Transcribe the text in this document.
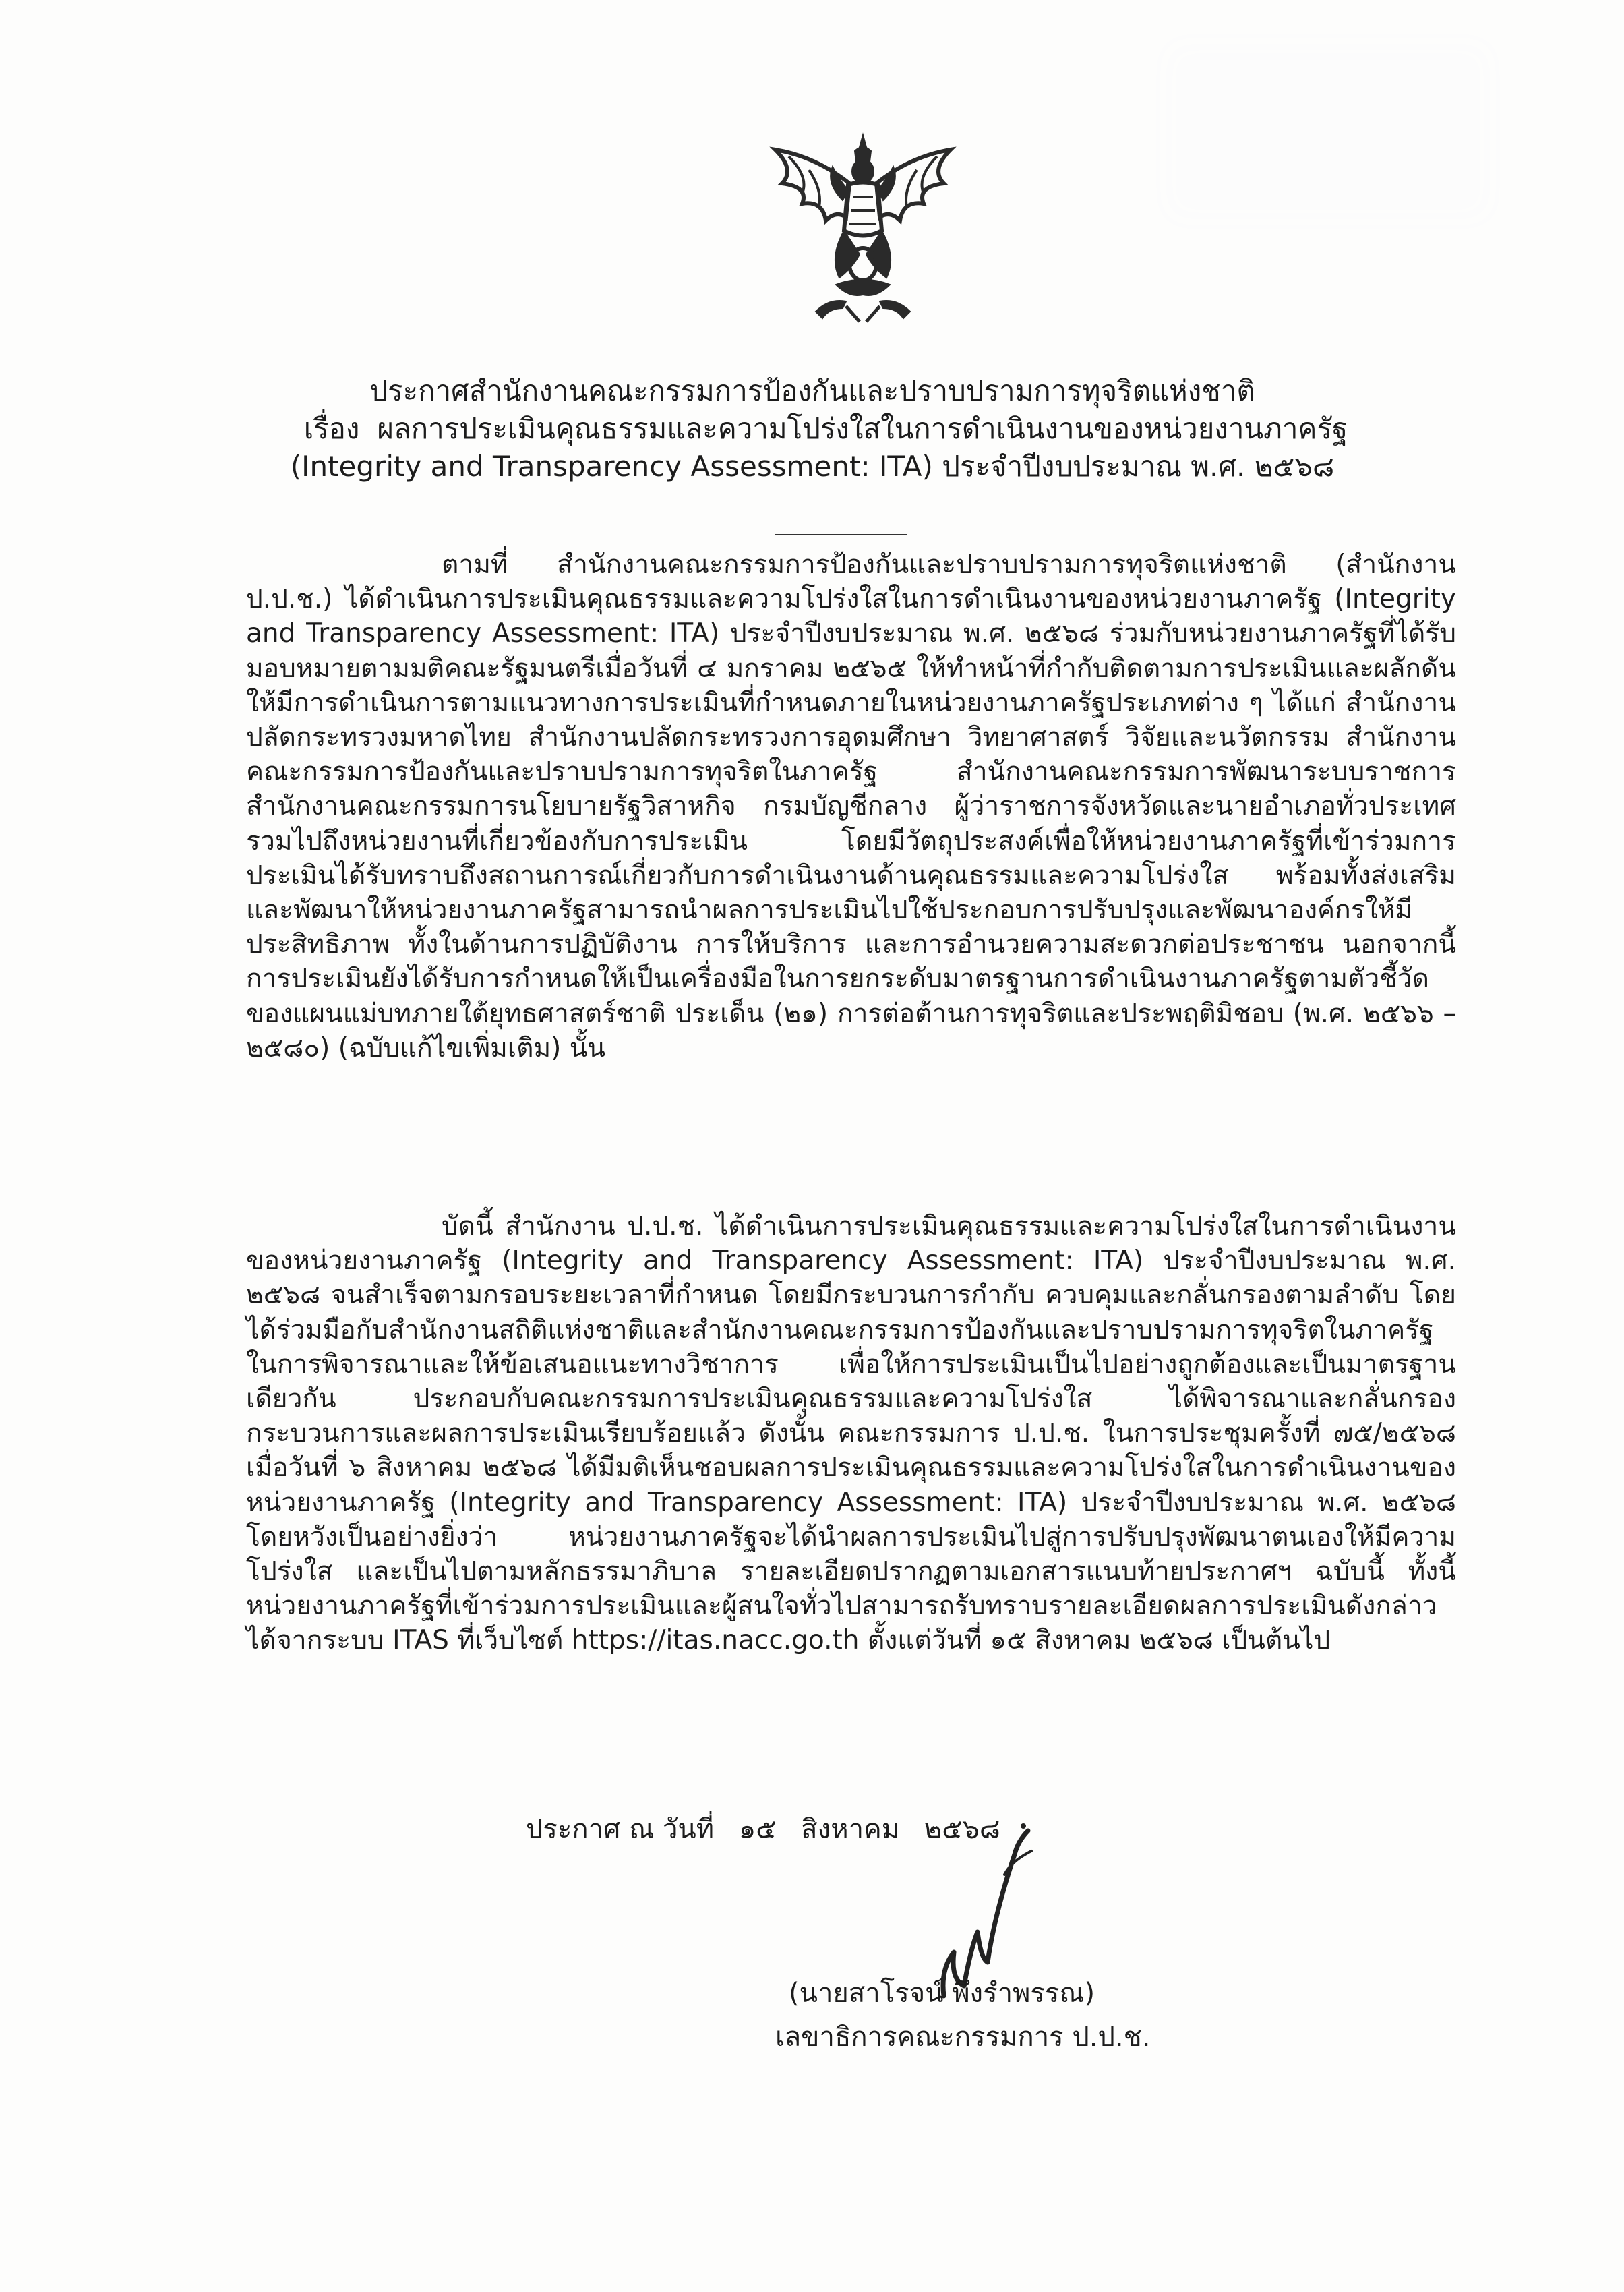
ประกาศสำนักงานคณะกรรมการป้องกันและปราบปรามการทุจริตแห่งชาติ
เรื่อง ผลการประเมินคุณธรรมและความโปร่งใสในการดำเนินงานของหน่วยงานภาครัฐ
(Integrity and Transparency Assessment: ITA) ประจำปีงบประมาณ พ.ศ. ๒๕๖๘

ตามที่ สำนักงานคณะกรรมการป้องกันและปราบปรามการทุจริตแห่งชาติ (สำนักงาน ป.ป.ช.) ได้ดำเนินการประเมินคุณธรรมและความโปร่งใสในการดำเนินงานของหน่วยงานภาครัฐ (Integrity and Transparency Assessment: ITA) ประจำปีงบประมาณ พ.ศ. ๒๕๖๘ ร่วมกับหน่วยงานภาครัฐที่ได้รับมอบหมายตามมติคณะรัฐมนตรีเมื่อวันที่ ๔ มกราคม ๒๕๖๕ ให้ทำหน้าที่กำกับติดตามการประเมินและผลักดันให้มีการดำเนินการตามแนวทางการประเมินที่กำหนดภายในหน่วยงานภาครัฐประเภทต่าง ๆ ได้แก่ สำนักงานปลัดกระทรวงมหาดไทย สำนักงานปลัดกระทรวงการอุดมศึกษา วิทยาศาสตร์ วิจัยและนวัตกรรม สำนักงานคณะกรรมการป้องกันและปราบปรามการทุจริตในภาครัฐ สำนักงานคณะกรรมการพัฒนาระบบราชการ สำนักงานคณะกรรมการนโยบายรัฐวิสาหกิจ กรมบัญชีกลาง ผู้ว่าราชการจังหวัดและนายอำเภอทั่วประเทศ รวมไปถึงหน่วยงานที่เกี่ยวข้องกับการประเมิน โดยมีวัตถุประสงค์เพื่อให้หน่วยงานภาครัฐที่เข้าร่วมการประเมินได้รับทราบถึงสถานการณ์เกี่ยวกับการดำเนินงานด้านคุณธรรมและความโปร่งใส พร้อมทั้งส่งเสริมและพัฒนาให้หน่วยงานภาครัฐสามารถนำผลการประเมินไปใช้ประกอบการปรับปรุงและพัฒนาองค์กรให้มีประสิทธิภาพ ทั้งในด้านการปฏิบัติงาน การให้บริการ และการอำนวยความสะดวกต่อประชาชน นอกจากนี้การประเมินยังได้รับการกำหนดให้เป็นเครื่องมือในการยกระดับมาตรฐานการดำเนินงานภาครัฐตามตัวชี้วัดของแผนแม่บทภายใต้ยุทธศาสตร์ชาติ ประเด็น (๒๑) การต่อต้านการทุจริตและประพฤติมิชอบ (พ.ศ. ๒๕๖๖ – ๒๕๘๐) (ฉบับแก้ไขเพิ่มเติม) นั้น

บัดนี้ สำนักงาน ป.ป.ช. ได้ดำเนินการประเมินคุณธรรมและความโปร่งใสในการดำเนินงานของหน่วยงานภาครัฐ (Integrity and Transparency Assessment: ITA) ประจำปีงบประมาณ พ.ศ. ๒๕๖๘ จนสำเร็จตามกรอบระยะเวลาที่กำหนด โดยมีกระบวนการกำกับ ควบคุมและกลั่นกรองตามลำดับ โดยได้ร่วมมือกับสำนักงานสถิติแห่งชาติและสำนักงานคณะกรรมการป้องกันและปราบปรามการทุจริตในภาครัฐ ในการพิจารณาและให้ข้อเสนอแนะทางวิชาการ เพื่อให้การประเมินเป็นไปอย่างถูกต้องและเป็นมาตรฐานเดียวกัน ประกอบกับคณะกรรมการประเมินคุณธรรมและความโปร่งใส ได้พิจารณาและกลั่นกรองกระบวนการและผลการประเมินเรียบร้อยแล้ว ดังนั้น คณะกรรมการ ป.ป.ช. ในการประชุมครั้งที่ ๗๕/๒๕๖๘ เมื่อวันที่ ๖ สิงหาคม ๒๕๖๘ ได้มีมติเห็นชอบผลการประเมินคุณธรรมและความโปร่งใสในการดำเนินงานของหน่วยงานภาครัฐ (Integrity and Transparency Assessment: ITA) ประจำปีงบประมาณ พ.ศ. ๒๕๖๘ โดยหวังเป็นอย่างยิ่งว่า หน่วยงานภาครัฐจะได้นำผลการประเมินไปสู่การปรับปรุงพัฒนาตนเองให้มีความโปร่งใส และเป็นไปตามหลักธรรมาภิบาล รายละเอียดปรากฏตามเอกสารแนบท้ายประกาศฯ ฉบับนี้ ทั้งนี้ หน่วยงานภาครัฐที่เข้าร่วมการประเมินและผู้สนใจทั่วไปสามารถรับทราบรายละเอียดผลการประเมินดังกล่าวได้จากระบบ ITAS ที่เว็บไซต์ https://itas.nacc.go.th ตั้งแต่วันที่ ๑๕ สิงหาคม ๒๕๖๘ เป็นต้นไป

ประกาศ ณ วันที่ ๑๕ สิงหาคม ๒๕๖๘
(นายสาโรจน์ พึงรำพรรณ)
เลขาธิการคณะกรรมการ ป.ป.ช.
